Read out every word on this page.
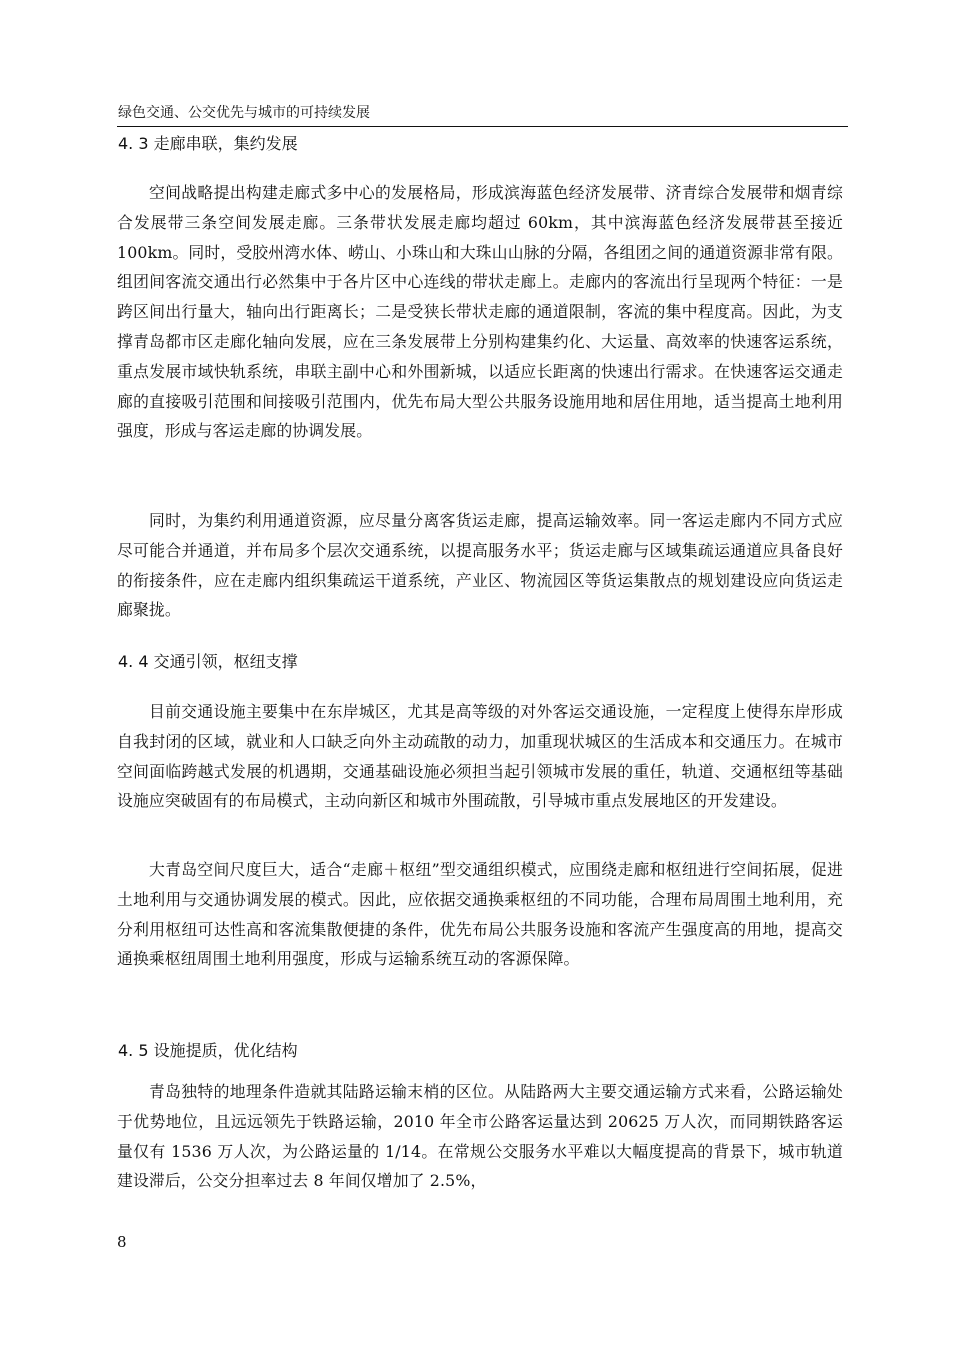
绿色交通、公交优先与城市的可持续发展
4. 3 走廊串联，集约发展

空间战略提出构建走廊式多中心的发展格局，形成滨海蓝色经济发展带、济青综合发展带和烟青综合发展带三条空间发展走廊。三条带状发展走廊均超过 60km，其中滨海蓝色经济发展带甚至接近 100km。同时，受胶州湾水体、崂山、小珠山和大珠山山脉的分隔，各组团之间的通道资源非常有限。组团间客流交通出行必然集中于各片区中心连线的带状走廊上。走廊内的客流出行呈现两个特征：一是跨区间出行量大，轴向出行距离长；二是受狭长带状走廊的通道限制，客流的集中程度高。因此，为支撑青岛都市区走廊化轴向发展，应在三条发展带上分别构建集约化、大运量、高效率的快速客运系统，重点发展市域快轨系统，串联主副中心和外围新城，以适应长距离的快速出行需求。在快速客运交通走廊的直接吸引范围和间接吸引范围内，优先布局大型公共服务设施用地和居住用地，适当提高土地利用强度，形成与客运走廊的协调发展。

同时，为集约利用通道资源，应尽量分离客货运走廊，提高运输效率。同一客运走廊内不同方式应尽可能合并通道，并布局多个层次交通系统，以提高服务水平；货运走廊与区域集疏运通道应具备良好的衔接条件，应在走廊内组织集疏运干道系统，产业区、物流园区等货运集散点的规划建设应向货运走廊聚拢。

4. 4 交通引领，枢纽支撑

目前交通设施主要集中在东岸城区，尤其是高等级的对外客运交通设施，一定程度上使得东岸形成自我封闭的区域，就业和人口缺乏向外主动疏散的动力，加重现状城区的生活成本和交通压力。在城市空间面临跨越式发展的机遇期，交通基础设施必须担当起引领城市发展的重任，轨道、交通枢纽等基础设施应突破固有的布局模式，主动向新区和城市外围疏散，引导城市重点发展地区的开发建设。

大青岛空间尺度巨大，适合“走廊＋枢纽”型交通组织模式，应围绕走廊和枢纽进行空间拓展，促进土地利用与交通协调发展的模式。因此，应依据交通换乘枢纽的不同功能，合理布局周围土地利用，充分利用枢纽可达性高和客流集散便捷的条件，优先布局公共服务设施和客流产生强度高的用地，提高交通换乘枢纽周围土地利用强度，形成与运输系统互动的客源保障。

4. 5 设施提质，优化结构

青岛独特的地理条件造就其陆路运输末梢的区位。从陆路两大主要交通运输方式来看，公路运输处于优势地位，且远远领先于铁路运输，2010 年全市公路客运量达到 20625 万人次，而同期铁路客运量仅有 1536 万人次，为公路运量的 1/14。在常规公交服务水平难以大幅度提高的背景下，城市轨道建设滞后，公交分担率过去 8 年间仅增加了 2.5%，

8
